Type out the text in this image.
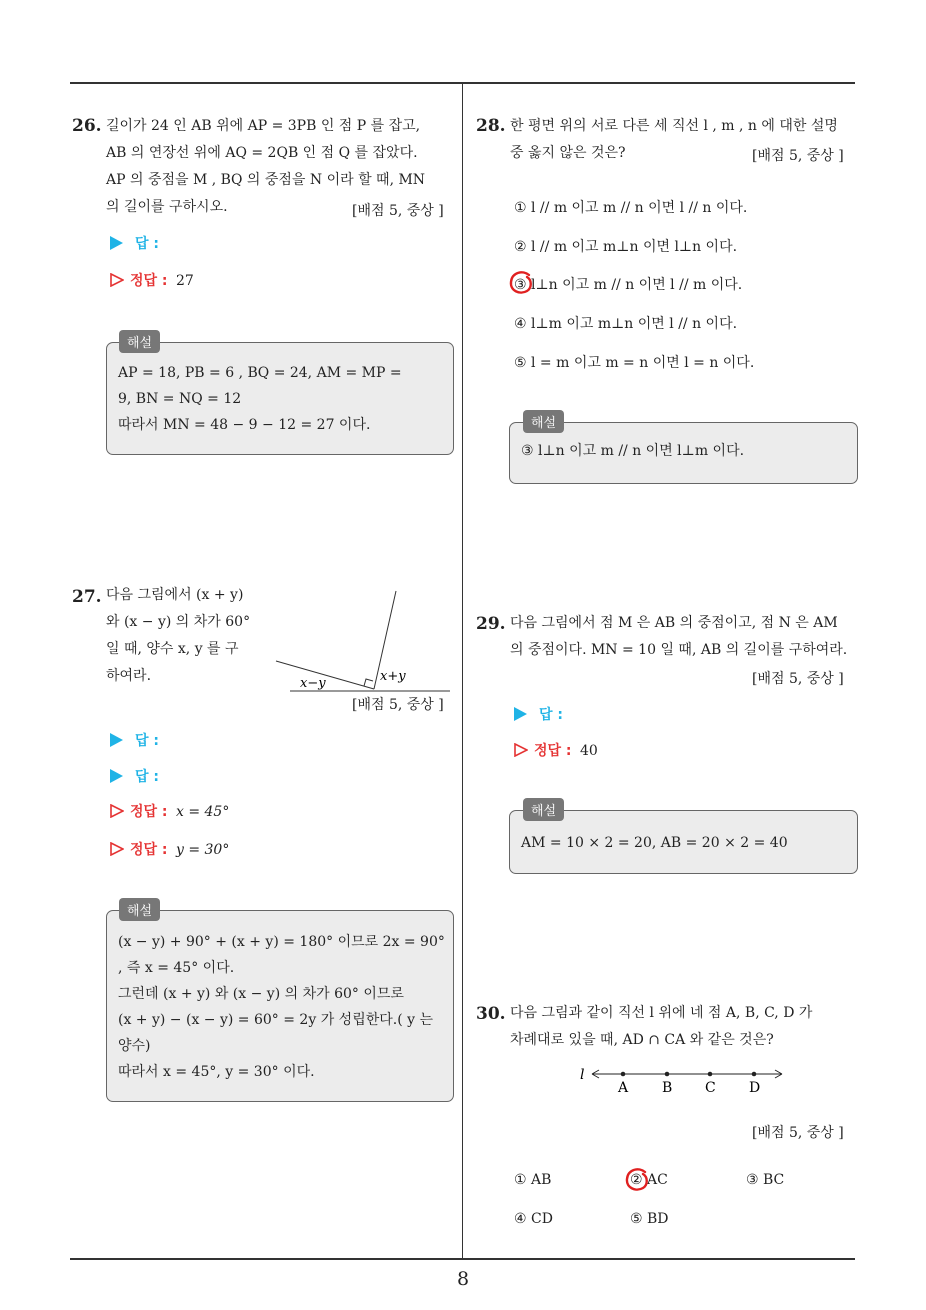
26. 길이가 24 인 AB 위에 AP = 3PB 인 점 P 를 잡고,
AB 의 연장선 위에 AQ = 2QB 인 점 Q 를 잡았다.
AP 의 중점을 M , BQ 의 중점을 N 이라 할 때, MN
의 길이를 구하시오.	[배점 5, 중상 ]
답 :
정답 : 27
해설
AP = 18, PB = 6 , BQ = 24, AM = MP =
9, BN = NQ = 12
따라서 MN = 48 − 9 − 12 = 27 이다.
27. 다음 그림에서 (x + y)
와 (x − y) 의 차가 60°
일 때, 양수 x, y 를 구
하여라.	x−y	x+y
[배점 5, 중상 ]
답 :
답 :
정답 : x = 45°
정답 : y = 30°
해설
(x − y) + 90° + (x + y) = 180° 이므로 2x = 90°
, 즉 x = 45° 이다.
그런데 (x + y) 와 (x − y) 의 차가 60° 이므로
(x + y) − (x − y) = 60° = 2y 가 성립한다.( y 는
양수)
따라서 x = 45°, y = 30° 이다.
28. 한 평면 위의 서로 다른 세 직선 l , m , n 에 대한 설명
중 옳지 않은 것은?	[배점 5, 중상 ]
① l // m 이고 m // n 이면 l // n 이다.
② l // m 이고 m⊥n 이면 l⊥n 이다.
③ l⊥n 이고 m // n 이면 l // m 이다.
④ l⊥m 이고 m⊥n 이면 l // n 이다.
⑤ l = m 이고 m = n 이면 l = n 이다.
해설
③ l⊥n 이고 m // n 이면 l⊥m 이다.
29. 다음 그림에서 점 M 은 AB 의 중점이고, 점 N 은 AM
의 중점이다. MN = 10 일 때, AB 의 길이를 구하여라.
[배점 5, 중상 ]
답 :
정답 : 40
해설
AM = 10 × 2 = 20, AB = 20 × 2 = 40
30. 다음 그림과 같이 직선 l 위에 네 점 A, B, C, D 가
차례대로 있을 때, AD ∩ CA 와 같은 것은?
l
A B C D
[배점 5, 중상 ]
① AB	② AC	③ BC
④ CD	⑤ BD
8
